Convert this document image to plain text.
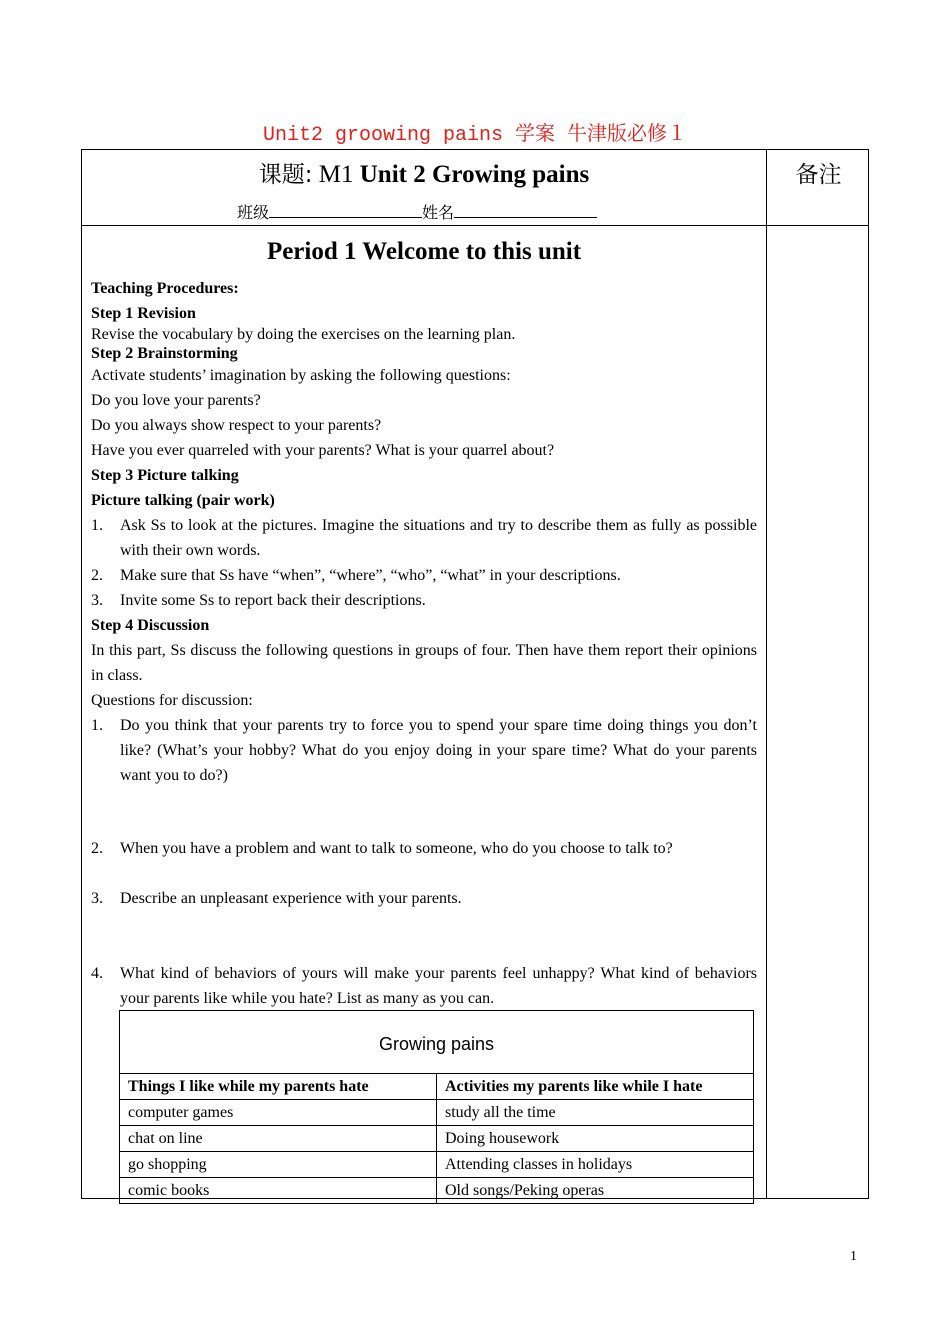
Unit2 groowing pains 学案 牛津版必修１
课题: M1 Unit 2 Growing pains
班级	姓名
备注
Period 1 Welcome to this unit
Teaching Procedures:
Step 1 Revision
Revise the vocabulary by doing the exercises on the learning plan.
Step 2 Brainstorming
Activate students’ imagination by asking the following questions:
Do you love your parents?
Do you always show respect to your parents?
Have you ever quarreled with your parents? What is your quarrel about?
Step 3 Picture talking
Picture talking (pair work)
1. Ask Ss to look at the pictures. Imagine the situations and try to describe them as fully as possible with their own words.
2. Make sure that Ss have “when”, “where”, “who”, “what” in your descriptions.
3. Invite some Ss to report back their descriptions.
Step 4 Discussion
In this part, Ss discuss the following questions in groups of four. Then have them report their opinions in class.
Questions for discussion:
1. Do you think that your parents try to force you to spend your spare time doing things you don’t like? (What’s your hobby? What do you enjoy doing in your spare time? What do your parents want you to do?)
2. When you have a problem and want to talk to someone, who do you choose to talk to?
3. Describe an unpleasant experience with your parents.
4. What kind of behaviors of yours will make your parents feel unhappy? What kind of behaviors your parents like while you hate? List as many as you can.
Growing pains	
Things I like while my parents hate	Activities my parents like while I hate
computer games	study all the time
chat on line	Doing housework
go shopping	Attending classes in holidays
comic books	Old songs/Peking operas
1
